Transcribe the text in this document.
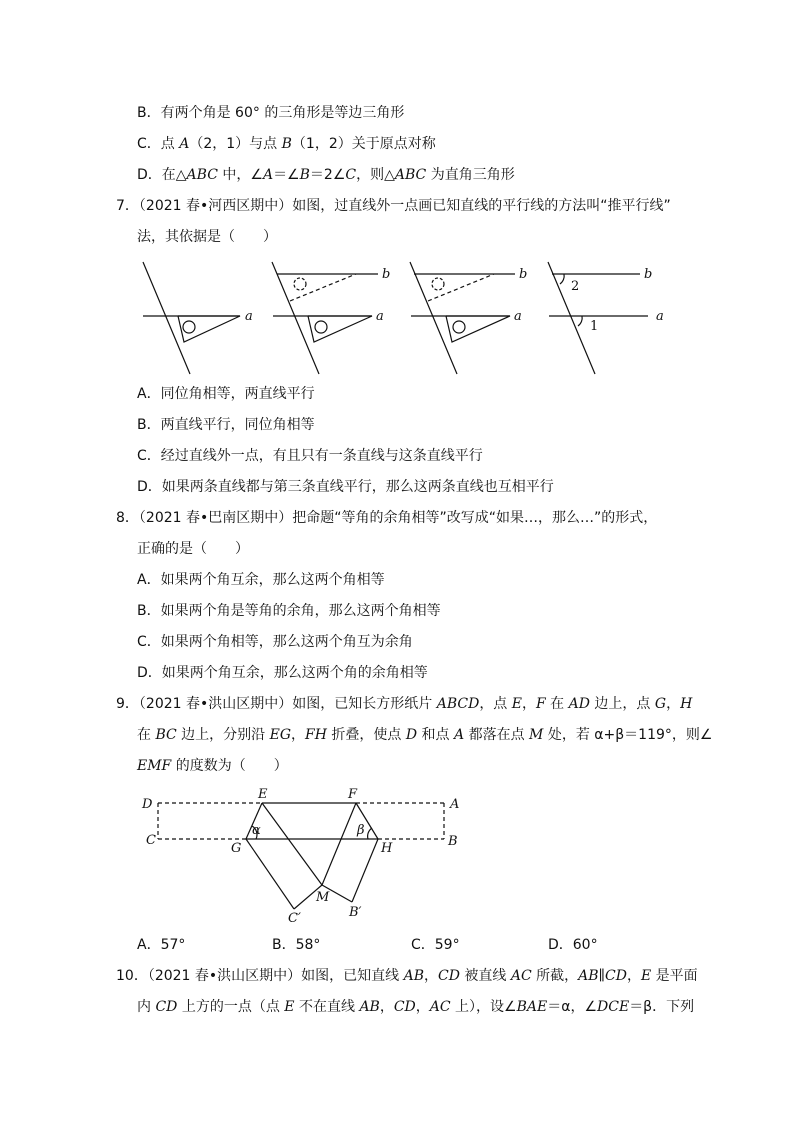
B．有两个角是 60° 的三角形是等边三角形
C．点 A（2，1）与点 B（1，2）关于原点对称
D．在△ABC 中，∠A＝∠B＝2∠C，则△ABC 为直角三角形
7．（2021 春•河西区期中）如图，过直线外一点画已知直线的平行线的方法叫“推平行线”
法，其依据是（　　）
a	a
b
a
b
a
b
2
1
A．同位角相等，两直线平行
B．两直线平行，同位角相等
C．经过直线外一点，有且只有一条直线与这条直线平行
D．如果两条直线都与第三条直线平行，那么这两条直线也互相平行
8．（2021 春•巴南区期中）把命题“等角的余角相等”改写成“如果…，那么…”的形式，
正确的是（　　）
A．如果两个角互余，那么这两个角相等
B．如果两个角是等角的余角，那么这两个角相等
C．如果两个角相等，那么这两个角互为余角
D．如果两个角互余，那么这两个角的余角相等
9．（2021 春•洪山区期中）如图，已知长方形纸片 ABCD，点 E，F 在 AD 边上，点 G，H
在 BC 边上，分别沿 EG，FH 折叠，使点 D 和点 A 都落在点 M 处，若 α+β＝119°，则∠
EMF 的度数为（　　）
D
E	F
A
C	B
G	H
M
C′	B′
α	β
A．57°	B．58°	C．59°	D．60°
10．（2021 春•洪山区期中）如图，已知直线 AB，CD 被直线 AC 所截，AB∥CD，E 是平面
内 CD 上方的一点（点 E 不在直线 AB，CD，AC 上），设∠BAE＝α，∠DCE＝β．下列
